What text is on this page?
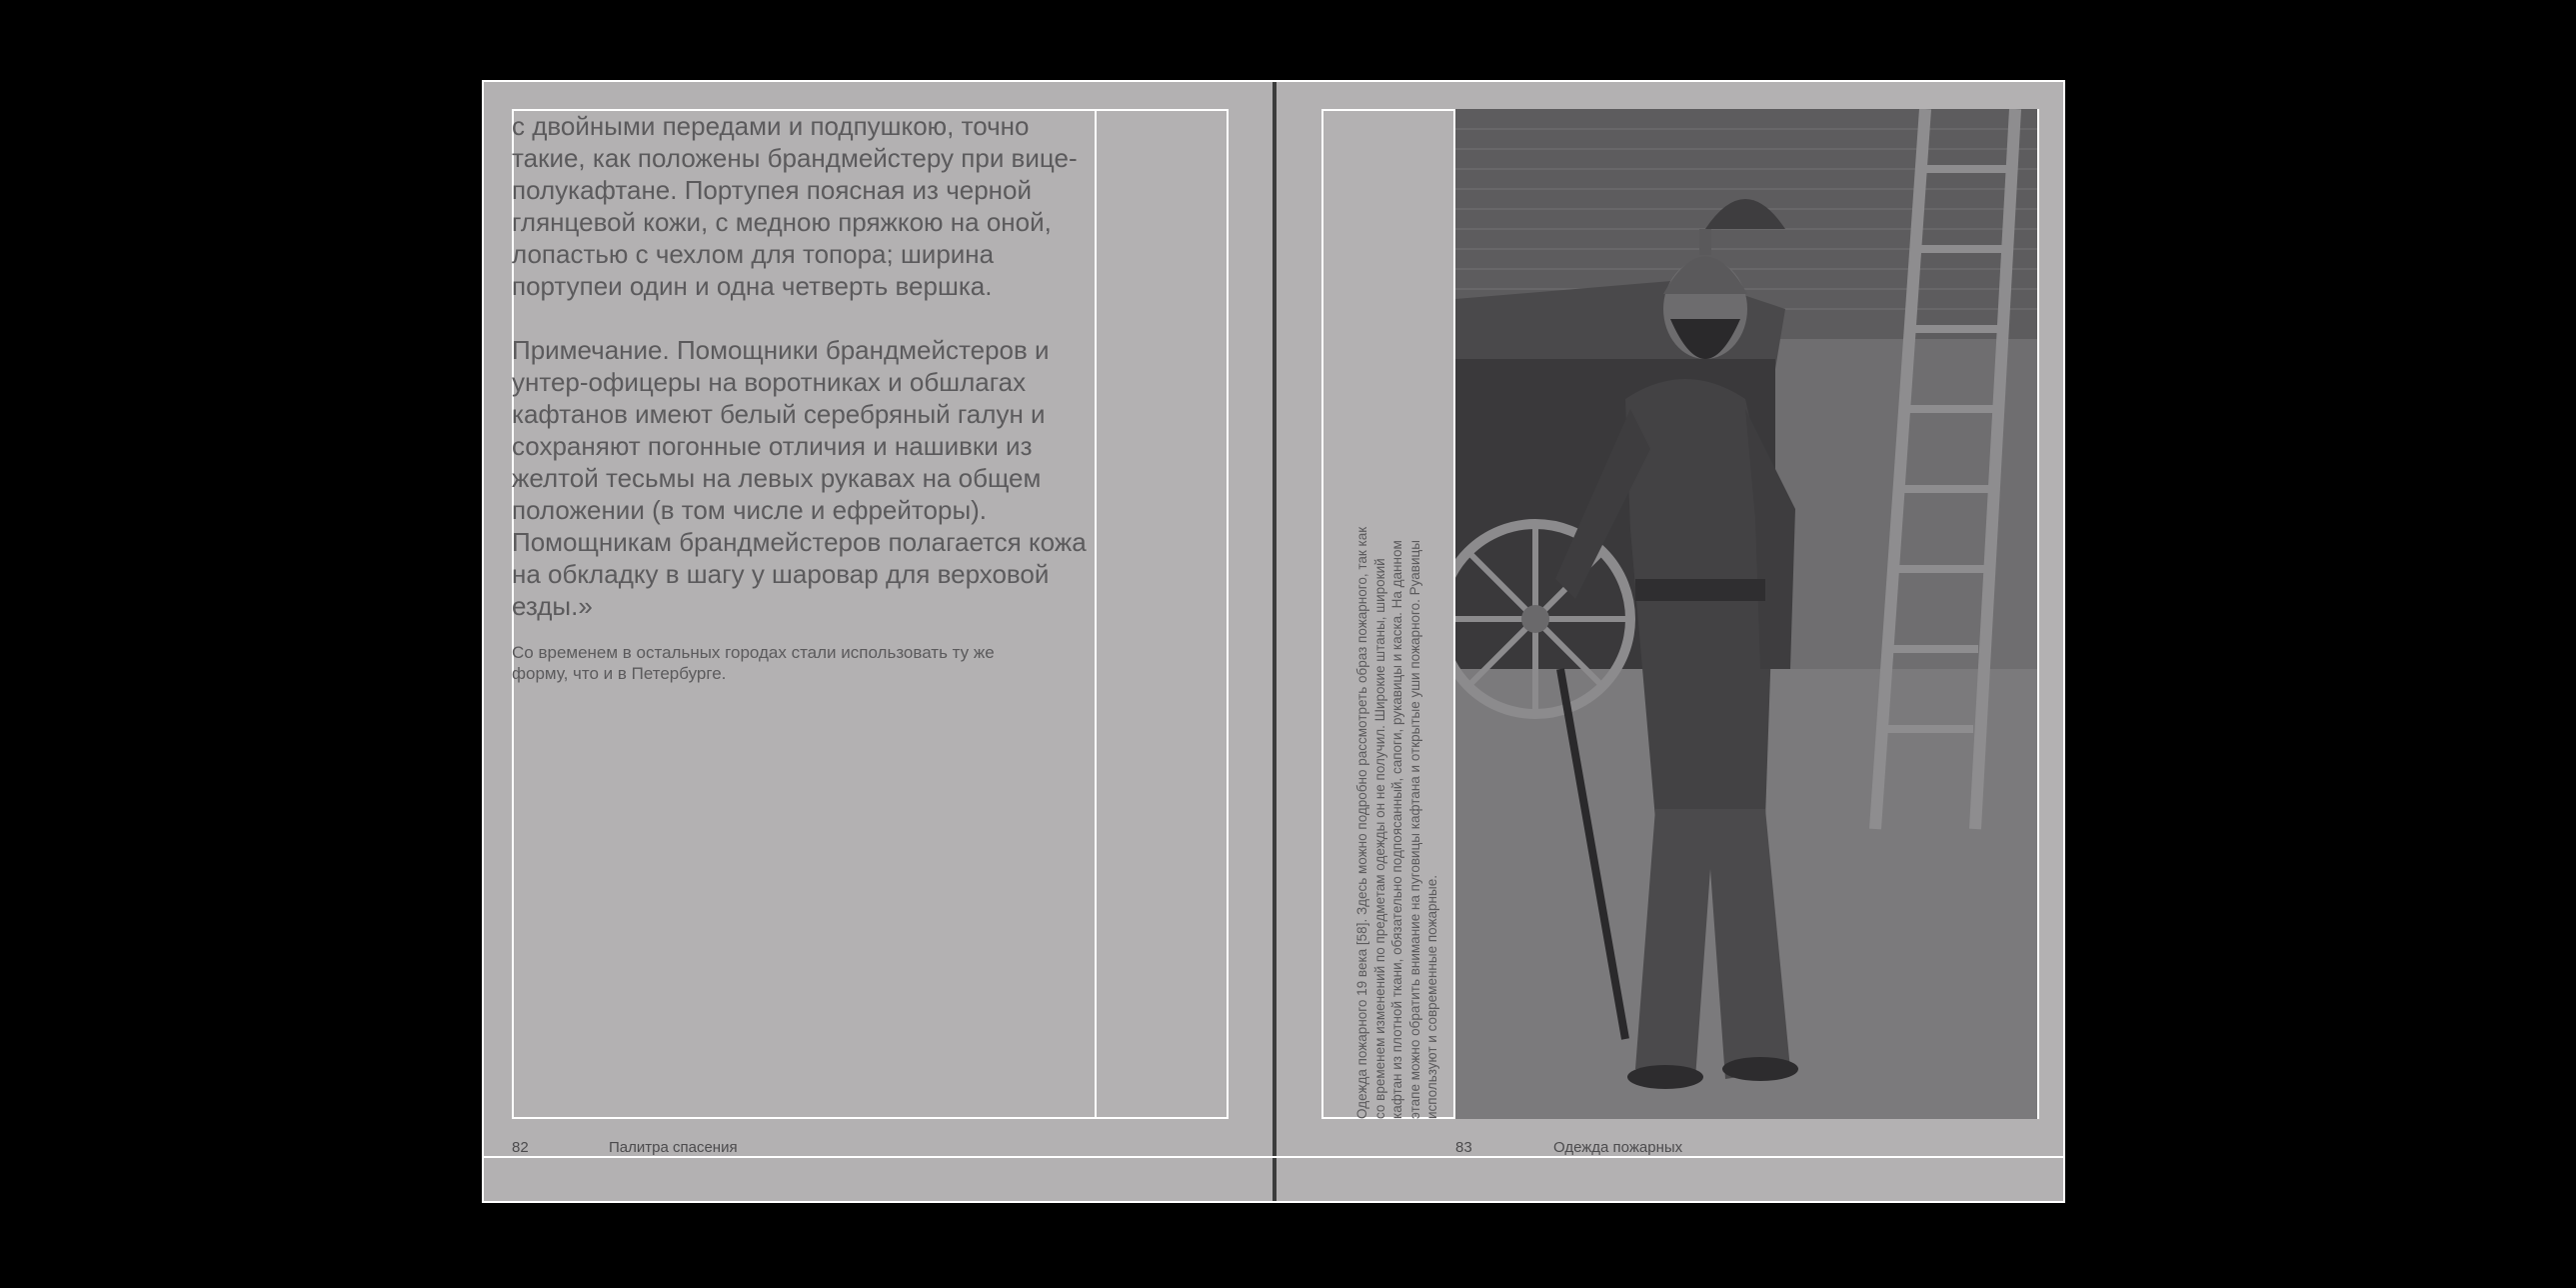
с двойными передами и подпушкою, точно такие, как положены брандмейстеру при вице-полукафтане. Портупея поясная из черной глянцевой кожи, с медною пряжкою на оной, лопастью с чехлом для топора; ширина портупеи один и одна четверть вершка.

Примечание. Помощники брандмейстеров и унтер-офицеры на воротниках и обшлагах кафтанов имеют белый серебряный галун и сохраняют погонные отличия и нашивки из желтой тесьмы на левых рукавах на общем положении (в том числе и ефрейторы). Помощникам брандмейстеров полагается кожа на обкладку в шагу у шаровар для верховой езды.»

Со временем в остальных городах стали использовать ту же форму, что и в Петербурге.
82	Палитра спасения
Одежда пожарного 19 века [58]. Здесь можно подробно рассмотреть образ пожарного, так как со временем изменений по предметам одежды он не получил. Широкие штаны, широкий кафтан из плотной ткани, обязательно подпоясанный, сапоги, рукавицы и каска. На данном этапе можно обратить внимание на пуговицы кафтана и открытые уши пожарного. Руавицы используют и современные пожарные.
83	Одежда пожарных
